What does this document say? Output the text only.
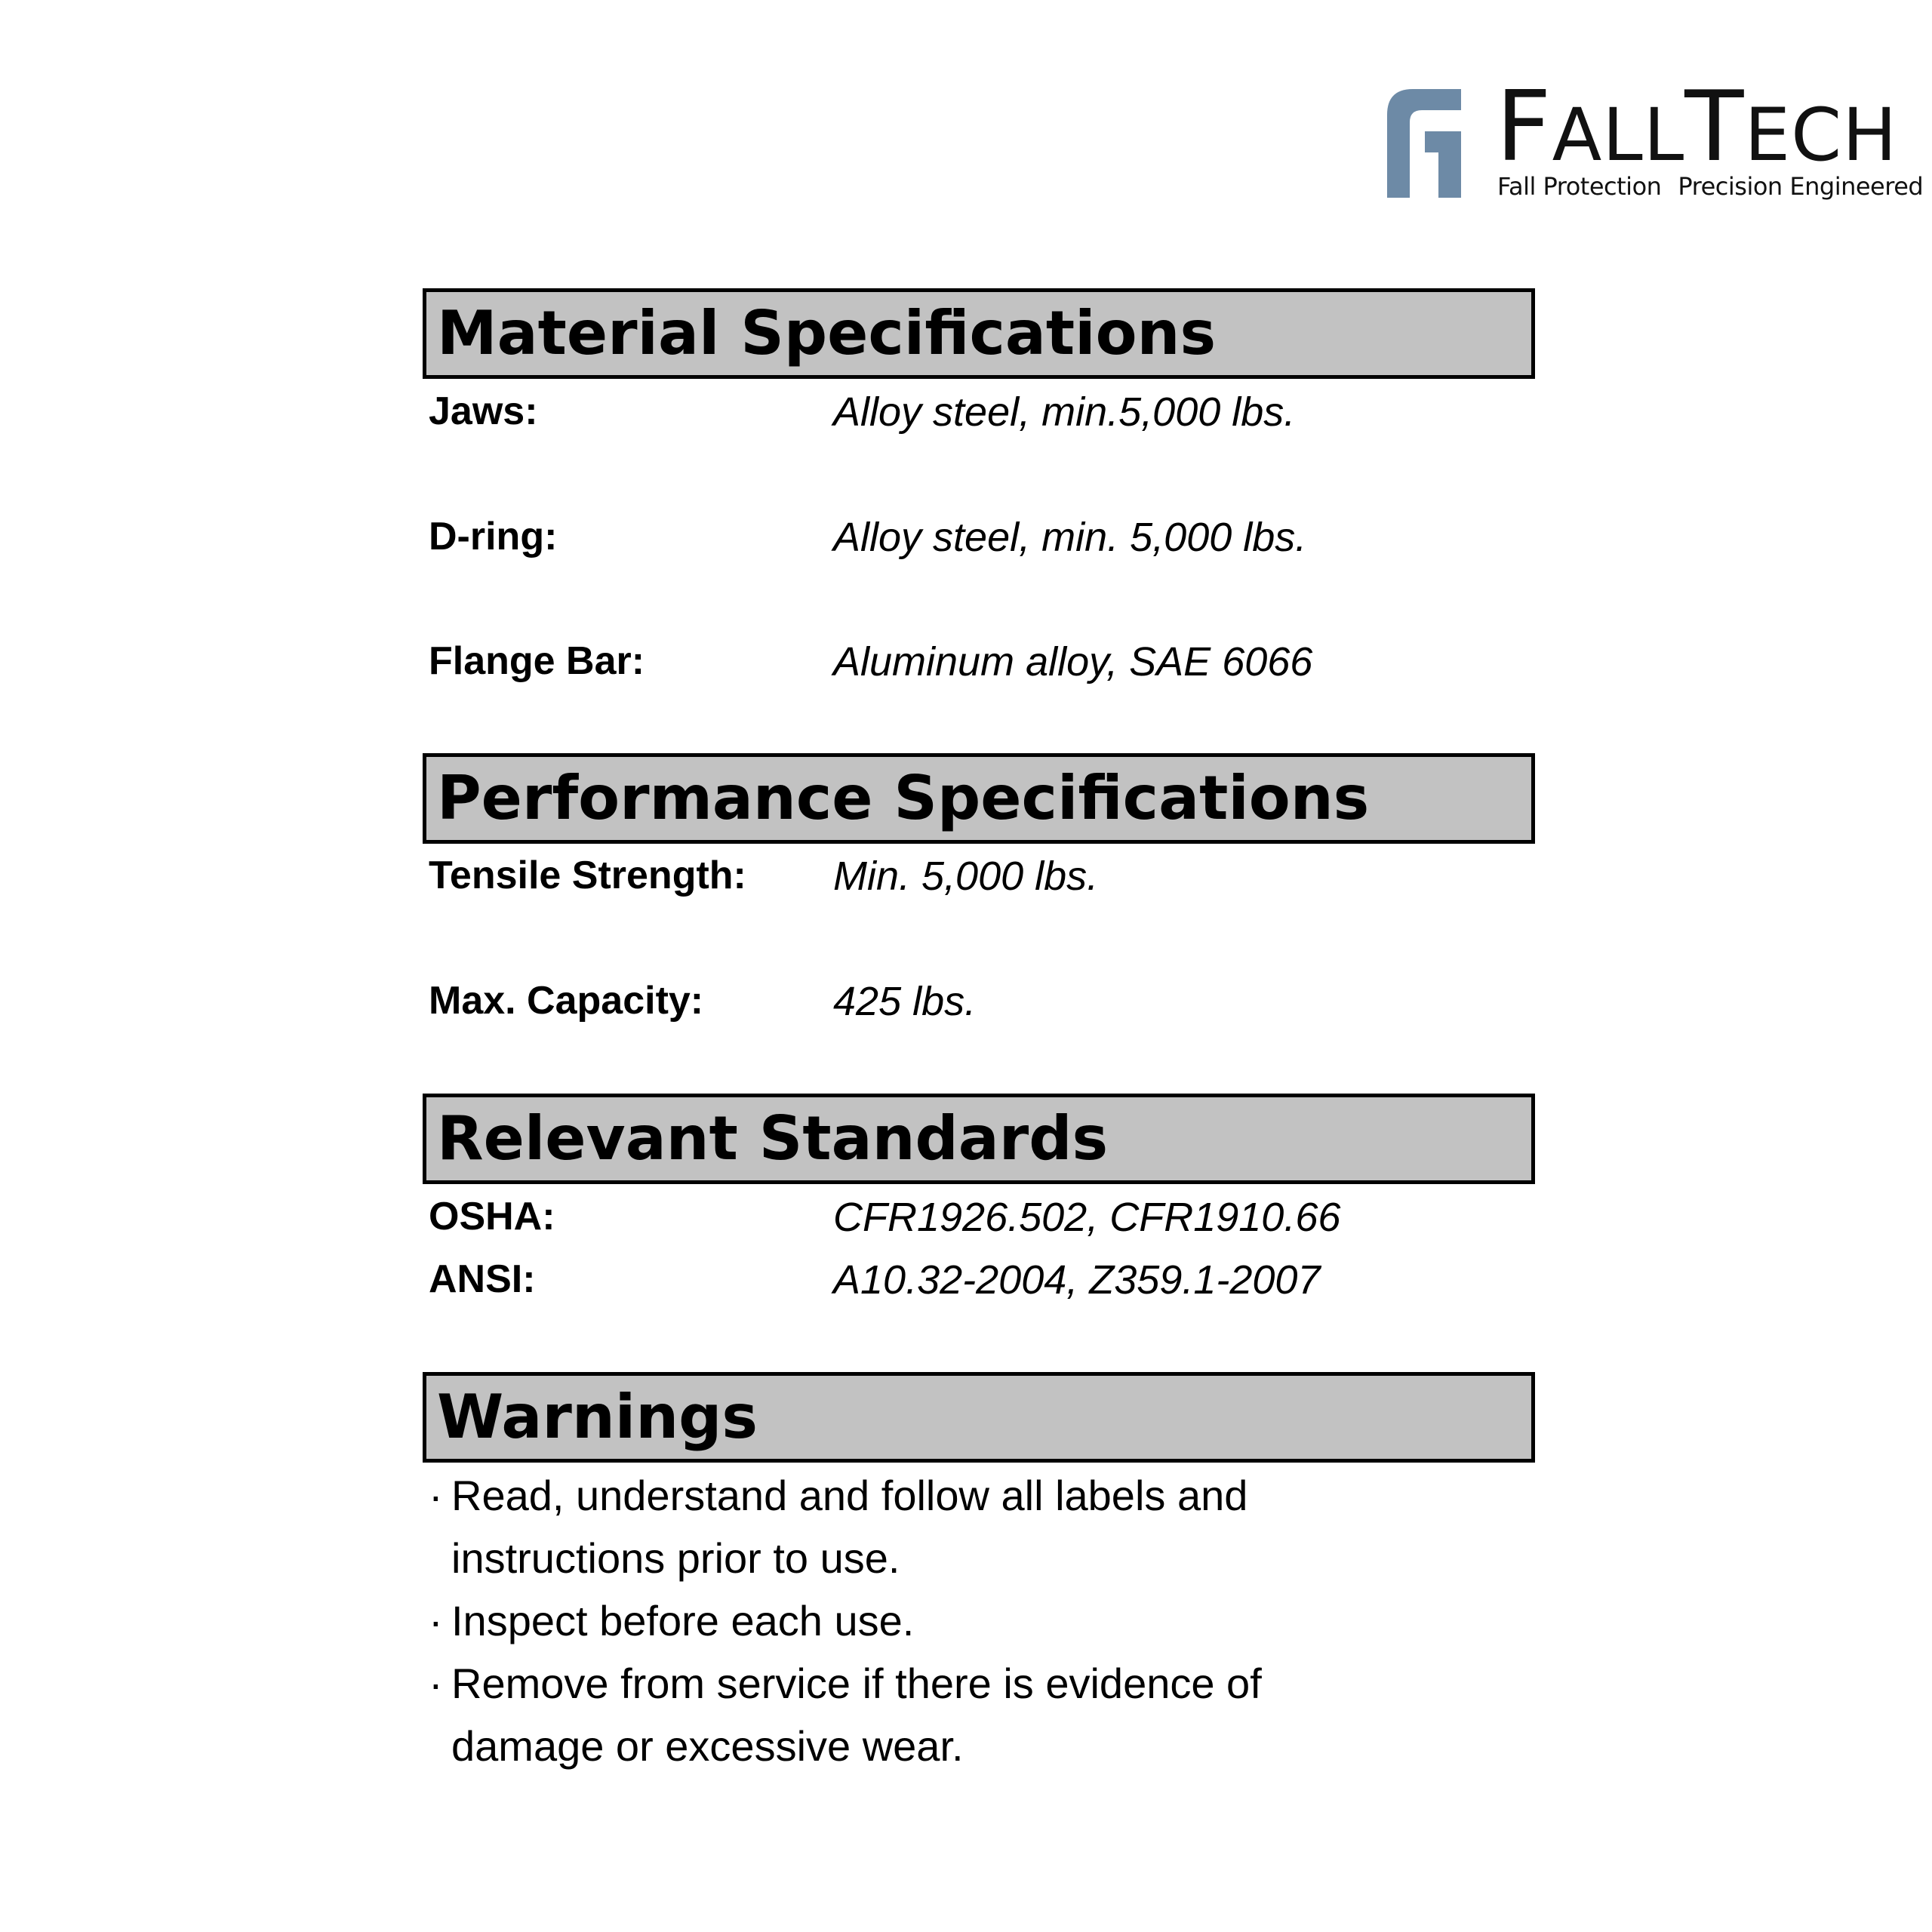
FALLTECH
Fall Protection Precision Engineered
Material Specifications
Jaws:	Alloy steel, min.5,000 lbs.
D-ring:	Alloy steel, min. 5,000 lbs.
Flange Bar:	Aluminum alloy, SAE 6066
Performance Specifications
Tensile Strength: Min. 5,000 lbs.
Max. Capacity:	425 lbs.
Relevant Standards
OSHA:	CFR1926.502, CFR1910.66
ANSI:	A10.32-2004, Z359.1-2007
Warnings
· Read, understand and follow all labels and
instructions prior to use.
· Inspect before each use.
· Remove from service if there is evidence of
damage or excessive wear.
